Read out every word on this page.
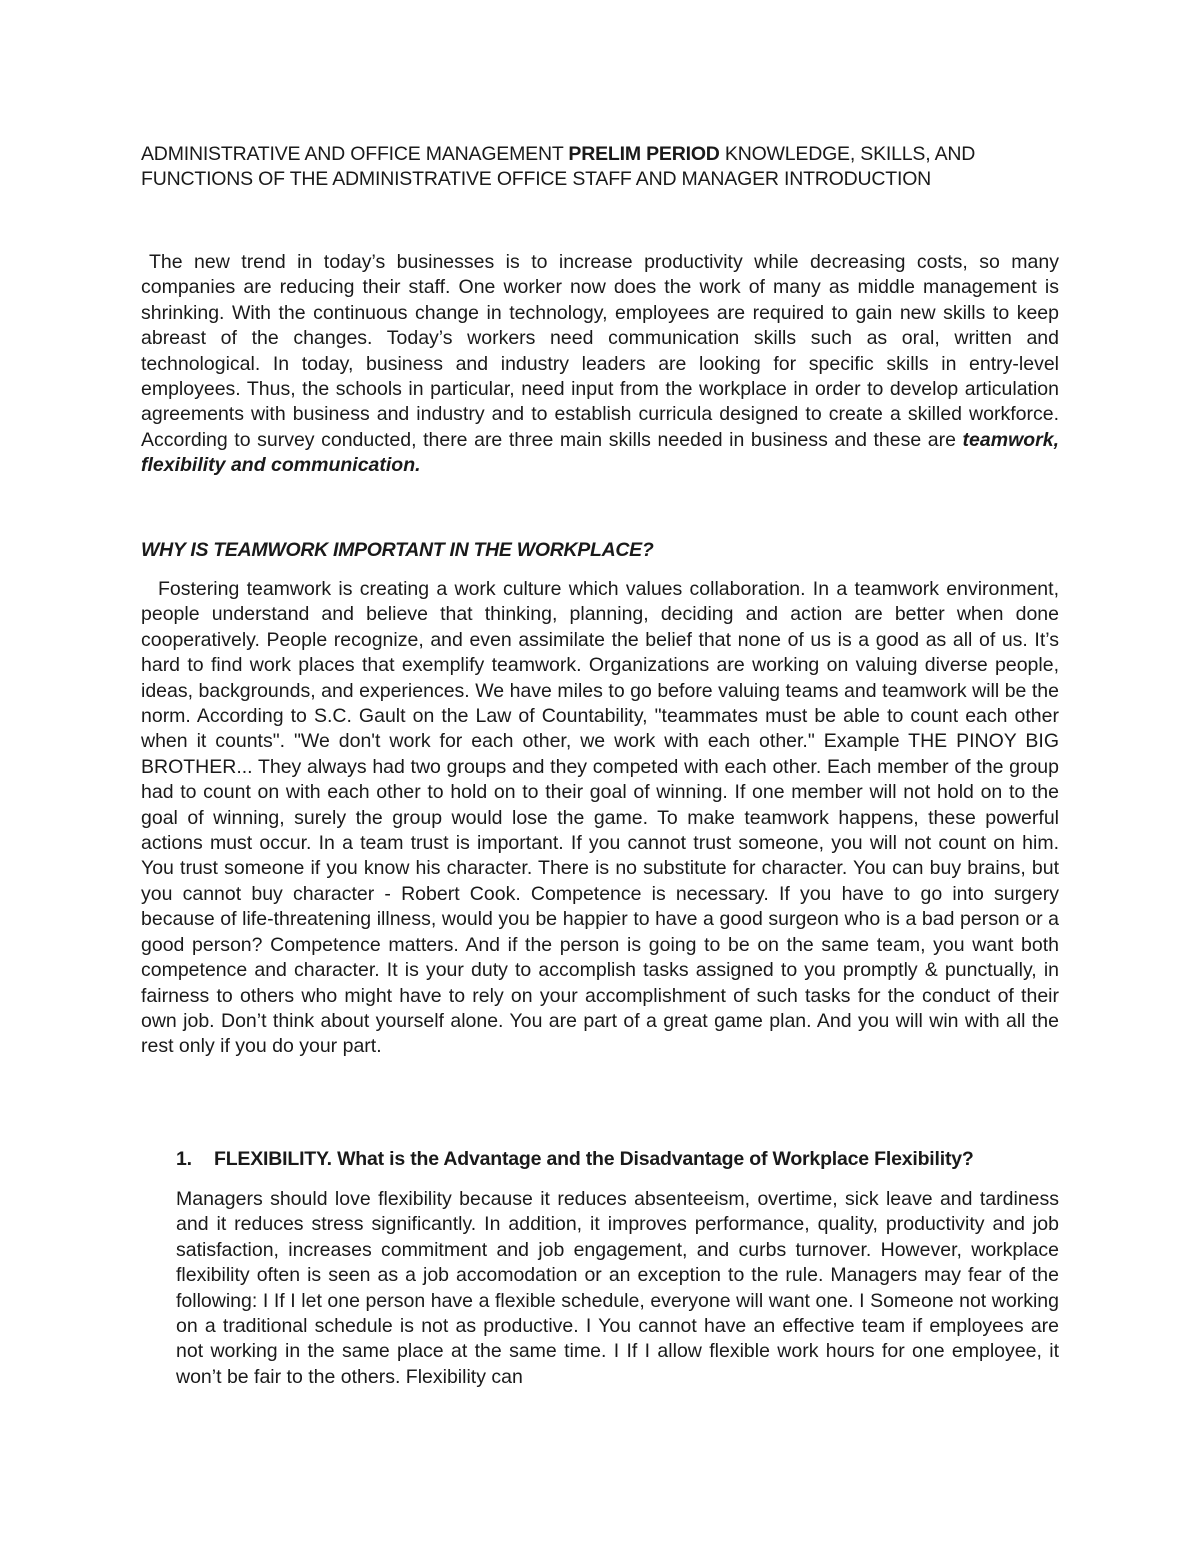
ADMINISTRATIVE AND OFFICE MANAGEMENT PRELIM PERIOD KNOWLEDGE, SKILLS, AND FUNCTIONS OF THE ADMINISTRATIVE OFFICE STAFF AND MANAGER INTRODUCTION

The new trend in today’s businesses is to increase productivity while decreasing costs, so many companies are reducing their staff. One worker now does the work of many as middle management is shrinking. With the continuous change in technology, employees are required to gain new skills to keep abreast of the changes. Today’s workers need communication skills such as oral, written and technological. In today, business and industry leaders are looking for specific skills in entry-level employees. Thus, the schools in particular, need input from the workplace in order to develop articulation agreements with business and industry and to establish curricula designed to create a skilled workforce. According to survey conducted, there are three main skills needed in business and these are teamwork, flexibility and communication.

WHY IS TEAMWORK IMPORTANT IN THE WORKPLACE?

Fostering teamwork is creating a work culture which values collaboration. In a teamwork environment, people understand and believe that thinking, planning, deciding and action are better when done cooperatively. People recognize, and even assimilate the belief that none of us is a good as all of us. It’s hard to find work places that exemplify teamwork. Organizations are working on valuing diverse people, ideas, backgrounds, and experiences. We have miles to go before valuing teams and teamwork will be the norm. According to S.C. Gault on the Law of Countability, "teammates must be able to count each other when it counts". "We don't work for each other, we work with each other." Example THE PINOY BIG BROTHER... They always had two groups and they competed with each other. Each member of the group had to count on with each other to hold on to their goal of winning. If one member will not hold on to the goal of winning, surely the group would lose the game. To make teamwork happens, these powerful actions must occur. In a team trust is important. If you cannot trust someone, you will not count on him. You trust someone if you know his character. There is no substitute for character. You can buy brains, but you cannot buy character - Robert Cook. Competence is necessary. If you have to go into surgery because of life-threatening illness, would you be happier to have a good surgeon who is a bad person or a good person? Competence matters. And if the person is going to be on the same team, you want both competence and character. It is your duty to accomplish tasks assigned to you promptly & punctually, in fairness to others who might have to rely on your accomplishment of such tasks for the conduct of their own job. Don’t think about yourself alone. You are part of a great game plan. And you will win with all the rest only if you do your part.

1. FLEXIBILITY. What is the Advantage and the Disadvantage of Workplace Flexibility?

Managers should love flexibility because it reduces absenteeism, overtime, sick leave and tardiness and it reduces stress significantly. In addition, it improves performance, quality, productivity and job satisfaction, increases commitment and job engagement, and curbs turnover. However, workplace flexibility often is seen as a job accomodation or an exception to the rule. Managers may fear of the following: I If I let one person have a flexible schedule, everyone will want one. I Someone not working on a traditional schedule is not as productive. I You cannot have an effective team if employees are not working in the same place at the same time. I If I allow flexible work hours for one employee, it won’t be fair to the others. Flexibility can
